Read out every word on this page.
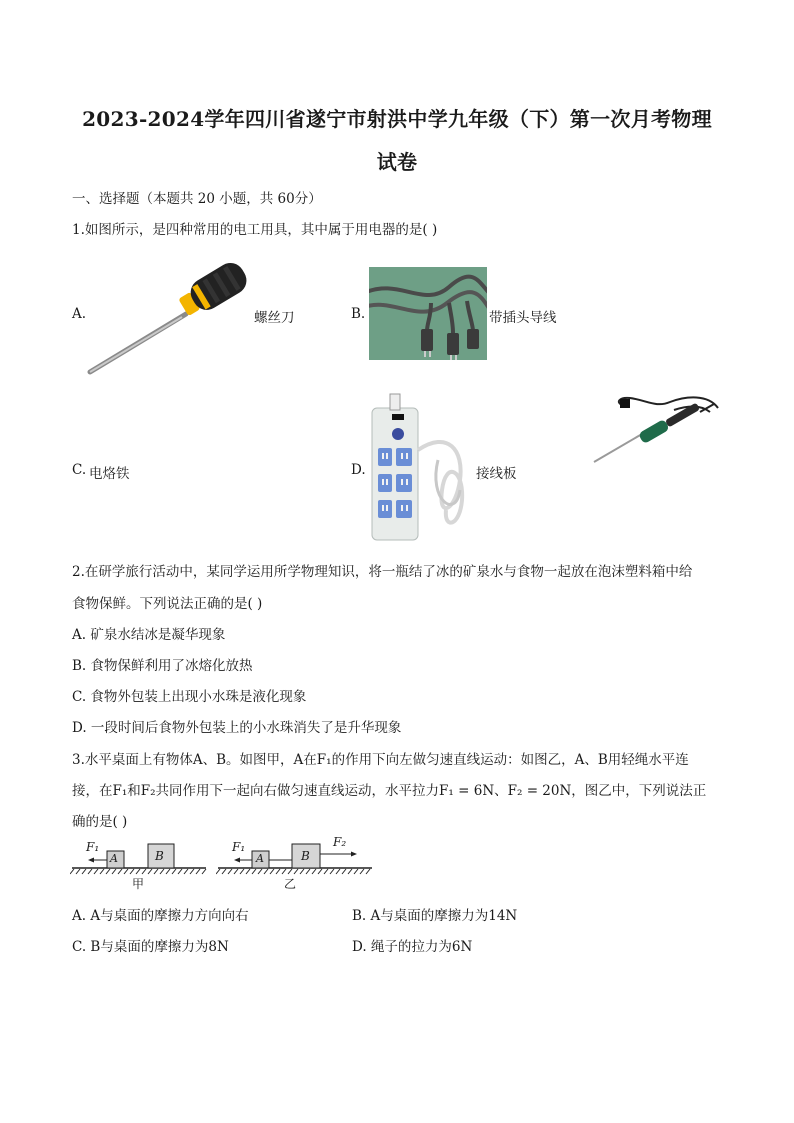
2023-2024学年四川省遂宁市射洪中学九年级（下）第一次月考物理
试卷
一、选择题（本题共 20 小题，共 60分）
1.如图所示，是四种常用的电工用具，其中属于用电器的是( )
A.	螺丝刀	B.	带插头导线
C. 电烙铁	D.	接线板
2.在研学旅行活动中，某同学运用所学物理知识，将一瓶结了冰的矿泉水与食物一起放在泡沫塑料箱中给
食物保鲜。下列说法正确的是( )
A. 矿泉水结冰是凝华现象
B. 食物保鲜利用了冰熔化放热
C. 食物外包装上出现小水珠是液化现象
D. 一段时间后食物外包装上的小水珠消失了是升华现象
3.水平桌面上有物体A、B。如图甲，A在F₁的作用下向左做匀速直线运动：如图乙，A、B用轻绳水平连
接，在F₁和F₂共同作用下一起向右做匀速直线运动，水平拉力F₁ = 6N、F₂ = 20N，图乙中，下列说法正
确的是( )
F₁
A	B
甲
F₁
A	B
F₂
乙
A. A与桌面的摩擦力方向向右	B. A与桌面的摩擦力为14N
C. B与桌面的摩擦力为8N	D. 绳子的拉力为6N
